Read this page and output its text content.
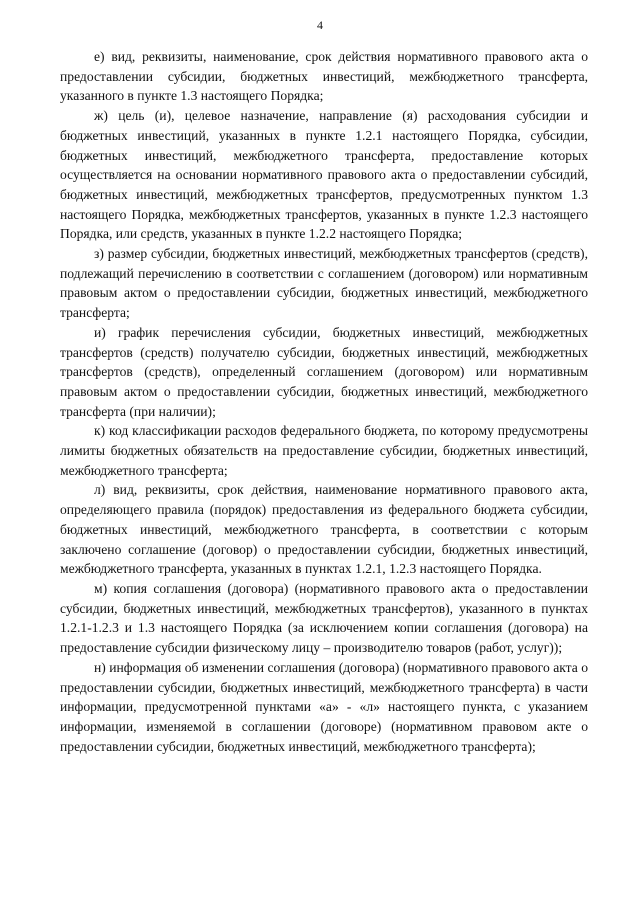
4

е) вид, реквизиты, наименование, срок действия нормативного правового акта о предоставлении субсидии, бюджетных инвестиций, межбюджетного трансферта, указанного в пункте 1.3 настоящего Порядка;

ж) цель (и), целевое назначение, направление (я) расходования субсидии и бюджетных инвестиций, указанных в пункте 1.2.1 настоящего Порядка, субсидии, бюджетных инвестиций, межбюджетного трансферта, предоставление которых осуществляется на основании нормативного правового акта о предоставлении субсидий, бюджетных инвестиций, межбюджетных трансфертов, предусмотренных пунктом 1.3 настоящего Порядка, межбюджетных трансфертов, указанных в пункте 1.2.3 настоящего Порядка, или средств, указанных в пункте 1.2.2 настоящего Порядка;

з) размер субсидии, бюджетных инвестиций, межбюджетных трансфертов (средств), подлежащий перечислению в соответствии с соглашением (договором) или нормативным правовым актом о предоставлении субсидии, бюджетных инвестиций, межбюджетного трансферта;

и) график перечисления субсидии, бюджетных инвестиций, межбюджетных трансфертов (средств) получателю субсидии, бюджетных инвестиций, межбюджетных трансфертов (средств), определенный соглашением (договором) или нормативным правовым актом о предоставлении субсидии, бюджетных инвестиций, межбюджетного трансферта (при наличии);

к) код классификации расходов федерального бюджета, по которому предусмотрены лимиты бюджетных обязательств на предоставление субсидии, бюджетных инвестиций, межбюджетного трансферта;

л) вид, реквизиты, срок действия, наименование нормативного правового акта, определяющего правила (порядок) предоставления из федерального бюджета субсидии, бюджетных инвестиций, межбюджетного трансферта, в соответствии с которым заключено соглашение (договор) о предоставлении субсидии, бюджетных инвестиций, межбюджетного трансферта, указанных в пунктах 1.2.1, 1.2.3 настоящего Порядка.

м) копия соглашения (договора) (нормативного правового акта о предоставлении субсидии, бюджетных инвестиций, межбюджетных трансфертов), указанного в пунктах 1.2.1-1.2.3 и 1.3 настоящего Порядка (за исключением копии соглашения (договора) на предоставление субсидии физическому лицу – производителю товаров (работ, услуг));

н) информация об изменении соглашения (договора) (нормативного правового акта о предоставлении субсидии, бюджетных инвестиций, межбюджетного трансферта) в части информации, предусмотренной пунктами «а» - «л» настоящего пункта, с указанием информации, изменяемой в соглашении (договоре) (нормативном правовом акте о предоставлении субсидии, бюджетных инвестиций, межбюджетного трансферта);
